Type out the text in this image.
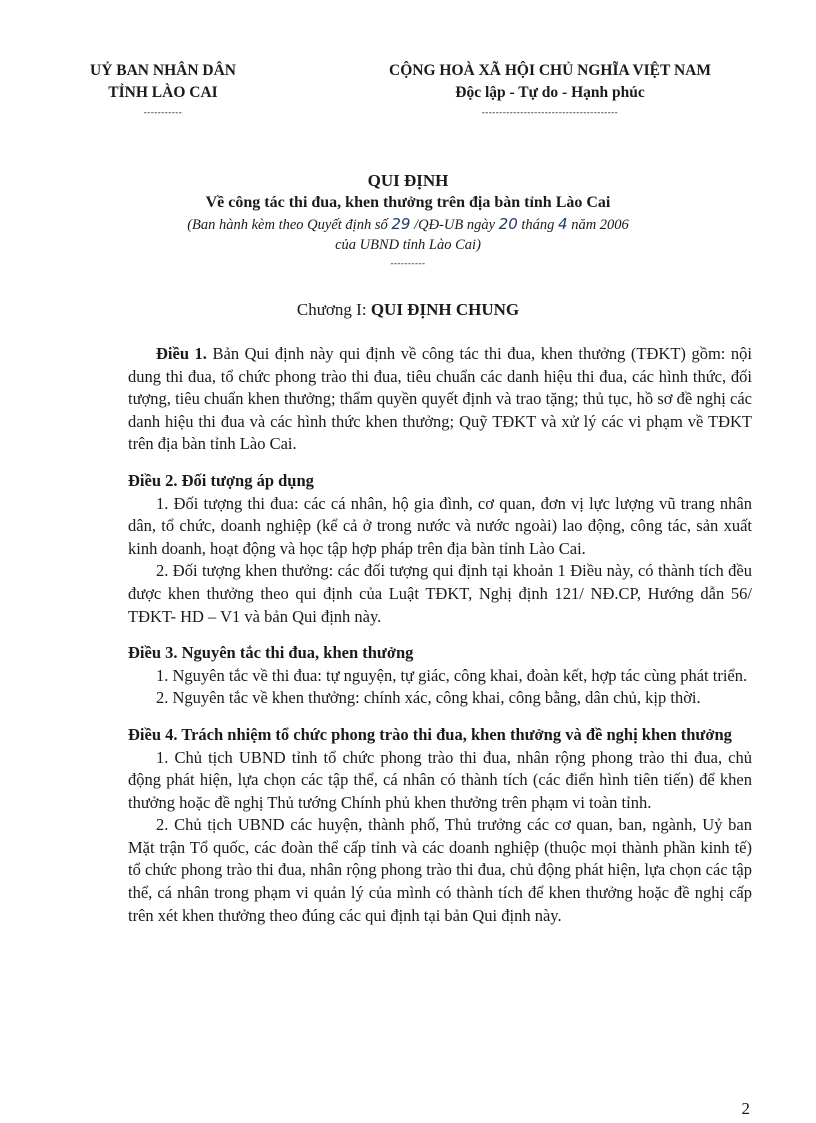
UỶ BAN NHÂN DÂN
TỈNH LÀO CAI
-----------
CỘNG HOÀ XÃ HỘI CHỦ NGHĨA VIỆT NAM
Độc lập - Tự do - Hạnh phúc
---------------------------------------
QUI ĐỊNH
Về công tác thi đua, khen thưởng trên địa bàn tỉnh Lào Cai
(Ban hành kèm theo Quyết định số 29 /QĐ-UB ngày 20 tháng 4 năm 2006
của UBND tỉnh Lào Cai)
----------
Chương I: QUI ĐỊNH CHUNG

Điều 1. Bản Qui định này qui định về công tác thi đua, khen thưởng (TĐKT) gồm: nội dung thi đua, tổ chức phong trào thi đua, tiêu chuẩn các danh hiệu thi đua, các hình thức, đối tượng, tiêu chuẩn khen thưởng; thẩm quyền quyết định và trao tặng; thủ tục, hồ sơ đề nghị các danh hiệu thi đua và các hình thức khen thưởng; Quỹ TĐKT và xử lý các vi phạm về TĐKT trên địa bàn tỉnh Lào Cai.

Điều 2. Đối tượng áp dụng

1. Đối tượng thi đua: các cá nhân, hộ gia đình, cơ quan, đơn vị lực lượng vũ trang nhân dân, tổ chức, doanh nghiệp (kể cả ở trong nước và nước ngoài) lao động, công tác, sản xuất kinh doanh, hoạt động và học tập hợp pháp trên địa bàn tỉnh Lào Cai.

2. Đối tượng khen thưởng: các đối tượng qui định tại khoản 1 Điều này, có thành tích đều được khen thưởng theo qui định của Luật TĐKT, Nghị định 121/ NĐ.CP, Hướng dẫn 56/ TĐKT- HD – V1 và bản Qui định này.

Điều 3. Nguyên tắc thi đua, khen thưởng

1. Nguyên tắc về thi đua: tự nguyện, tự giác, công khai, đoàn kết, hợp tác cùng phát triển.

2. Nguyên tắc về khen thưởng: chính xác, công khai, công bằng, dân chủ, kịp thời.

Điều 4. Trách nhiệm tổ chức phong trào thi đua, khen thưởng và đề nghị khen thưởng

1. Chủ tịch UBND tỉnh tổ chức phong trào thi đua, nhân rộng phong trào thi đua, chủ động phát hiện, lựa chọn các tập thể, cá nhân có thành tích (các điển hình tiên tiến) để khen thưởng hoặc đề nghị Thủ tướng Chính phủ khen thưởng trên phạm vi toàn tỉnh.

2. Chủ tịch UBND các huyện, thành phố, Thủ trưởng các cơ quan, ban, ngành, Uỷ ban Mặt trận Tổ quốc, các đoàn thể cấp tỉnh và các doanh nghiệp (thuộc mọi thành phần kinh tế) tổ chức phong trào thi đua, nhân rộng phong trào thi đua, chủ động phát hiện, lựa chọn các tập thể, cá nhân trong phạm vi quản lý của mình có thành tích để khen thưởng hoặc đề nghị cấp trên xét khen thưởng theo đúng các qui định tại bản Qui định này.

2
